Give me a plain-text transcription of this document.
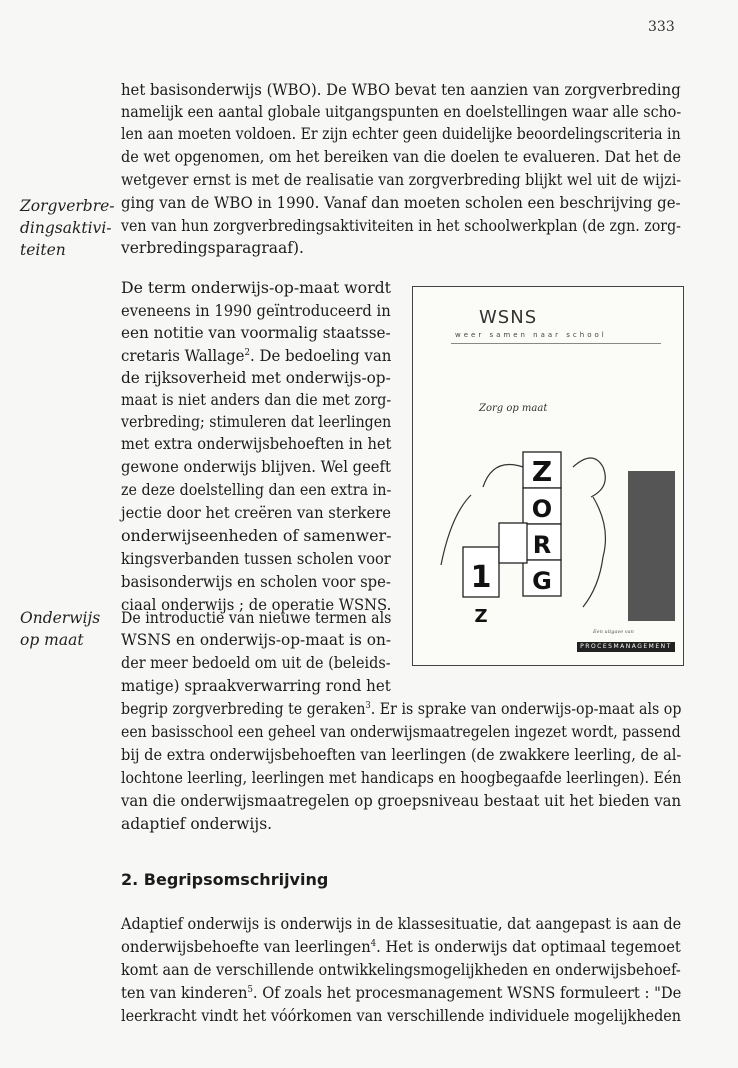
333
Zorgverbre-
dingsaktivi-
teiten
Onderwijs
op maat
het basisonderwijs (WBO). De WBO bevat ten aanzien van zorgverbreding
namelijk een aantal globale uitgangspunten en doelstellingen waar alle scho-
len aan moeten voldoen. Er zijn echter geen duidelijke beoordelingscriteria in
de wet opgenomen, om het bereiken van die doelen te evalueren. Dat het de
wetgever ernst is met de realisatie van zorgverbreding blijkt wel uit de wijzi-
ging van de WBO in 1990. Vanaf dan moeten scholen een beschrijving ge-
ven van hun zorgverbredingsaktiviteiten in het schoolwerkplan (de zgn. zorg-
verbredingsparagraaf).
De term onderwijs-op-maat wordt
eveneens in 1990 geïntroduceerd in
een notitie van voormalig staatsse-
cretaris Wallage$^2$. De bedoeling van
de rijksoverheid met onderwijs-op-
maat is niet anders dan die met zorg-
verbreding; stimuleren dat leerlingen
met extra onderwijsbehoeften in het
gewone onderwijs blijven. Wel geeft
ze deze doelstelling dan een extra in-
jectie door het creëren van sterkere
onderwijseenheden of samenwer-
kingsverbanden tussen scholen voor
basisonderwijs en scholen voor spe-
ciaal onderwijs ; de operatie WSNS.
De introductie van nieuwe termen als
WSNS en onderwijs-op-maat is on-
der meer bedoeld om uit de (beleids-
matige) spraakverwarring rond het
begrip zorgverbreding te geraken$^3$. Er is sprake van onderwijs-op-maat als op
een basisschool een geheel van onderwijsmaatregelen ingezet wordt, passend
bij de extra onderwijsbehoeften van leerlingen (de zwakkere leerling, de al-
lochtone leerling, leerlingen met handicaps en hoogbegaafde leerlingen). Eén
van die onderwijsmaatregelen op groepsniveau bestaat uit het bieden van
adaptief onderwijs.
2. Begripsomschrijving
Adaptief onderwijs is onderwijs in de klassesituatie, dat aangepast is aan de
onderwijsbehoefte van leerlingen$^4$. Het is onderwijs dat optimaal tegemoet
komt aan de verschillende ontwikkelingsmogelijkheden en onderwijsbehoef-
ten van kinderen$^5$. Of zoals het procesmanagement WSNS formuleert : "De
leerkracht vindt het vóórkomen van verschillende individuele mogelijkheden
WSNS
weer samen naar school
Zorg op maat
Z
O
R
G
Z
1
Een uitgave van
PROCESMANAGEMENT
